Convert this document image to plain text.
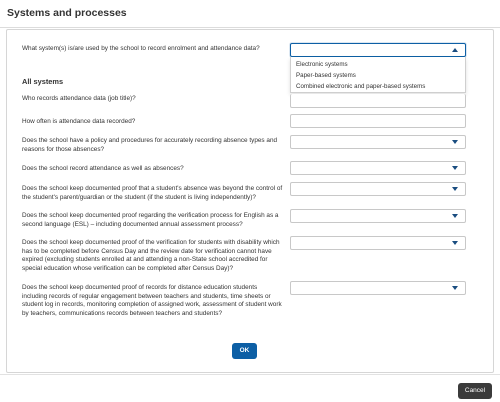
Systems and processes
What system(s) is/are used by the school to record enrolment and attendance data?
Electronic systems
Paper-based systems
Combined electronic and paper-based systems
All systems
Who records attendance data (job title)?
How often is attendance data recorded?
Does the school have a policy and procedures for accurately recording absence types and reasons for those absences?
Does the school record attendance as well as absences?
Does the school keep documented proof that a student's absence was beyond the control of the student's parent/guardian or the student (if the student is living independently)?
Does the school keep documented proof regarding the verification process for English as a second language (ESL) – including documented annual assessment process?
Does the school keep documented proof of the verification for students with disability which has to be completed before Census Day and the review date for verification cannot have expired (excluding students enrolled at and attending a non-State school accredited for special education whose verification can be completed after Census Day)?
Does the school keep documented proof of records for distance education students including records of regular engagement between teachers and students, time sheets or student log in records, monitoring completion of assigned work, assessment of student work by teachers, communications records between teachers and students?
OK
Cancel
